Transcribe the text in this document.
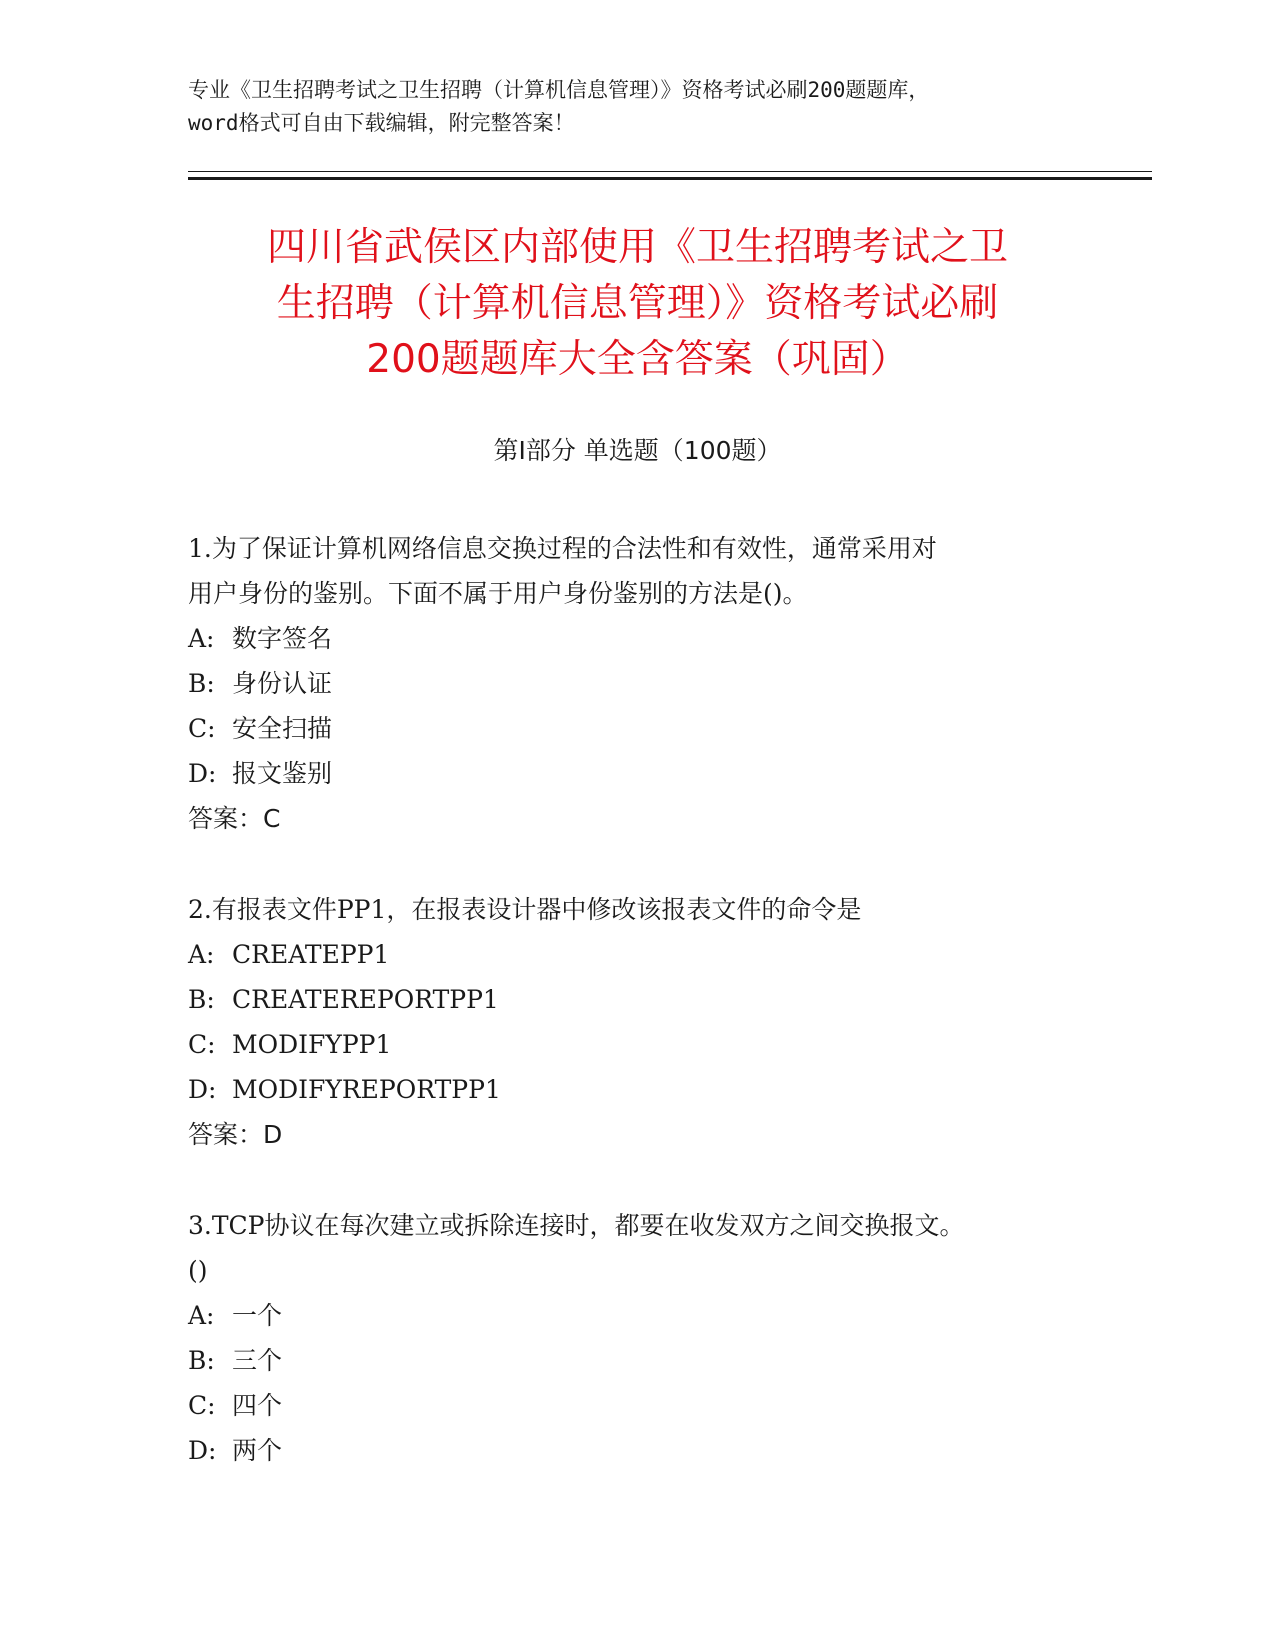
专业《卫生招聘考试之卫生招聘（计算机信息管理）》资格考试必刷200题题库，
word格式可自由下载编辑，附完整答案！
四川省武侯区内部使用《卫生招聘考试之卫
生招聘（计算机信息管理）》资格考试必刷
200题题库大全含答案（巩固）
第Ⅰ部分 单选题（100题）
1.为了保证计算机网络信息交换过程的合法性和有效性，通常采用对
用户身份的鉴别。下面不属于用户身份鉴别的方法是()。
A: 数字签名
B: 身份认证
C: 安全扫描
D: 报文鉴别
答案：C
2.有报表文件PP1，在报表设计器中修改该报表文件的命令是
A: CREATEPP1
B: CREATEREPORTPP1
C: MODIFYPP1
D: MODIFYREPORTPP1
答案：D
3.TCP协议在每次建立或拆除连接时，都要在收发双方之间交换报文。
()
A: 一个
B: 三个
C: 四个
D: 两个
